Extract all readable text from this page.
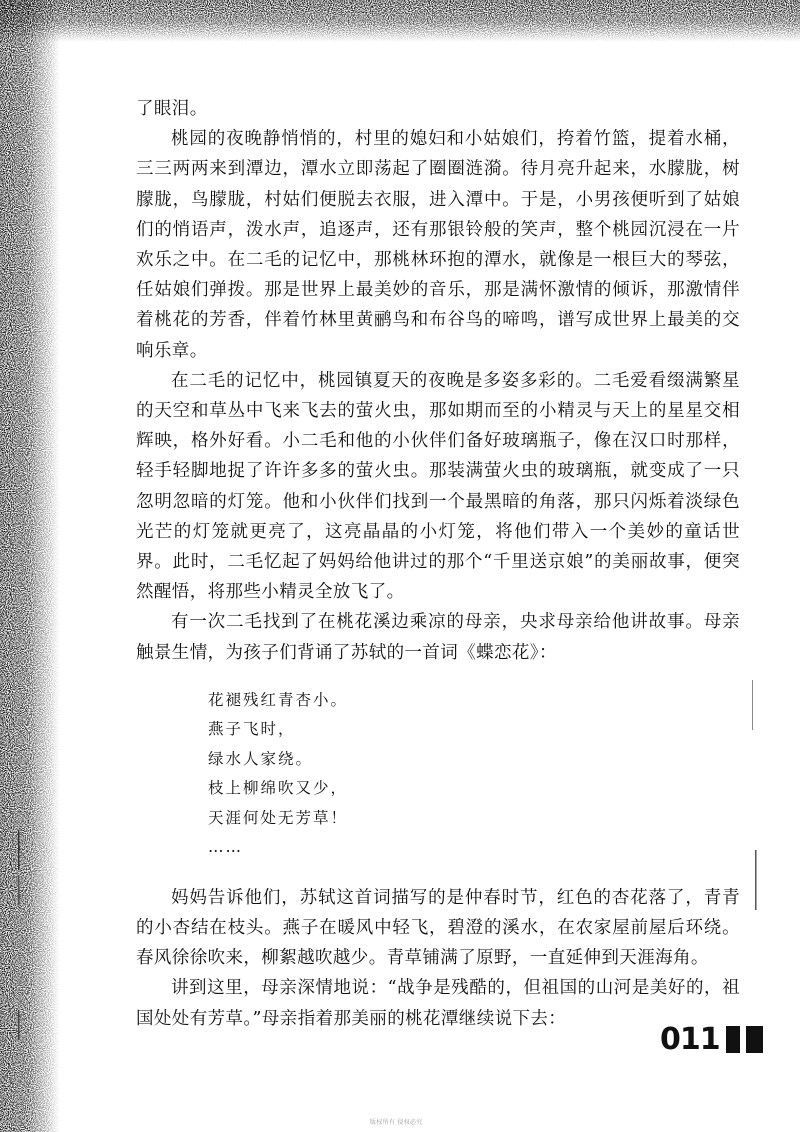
了眼泪。

桃园的夜晚静悄悄的，村里的媳妇和小姑娘们，挎着竹篮，提着水桶，三三两两来到潭边，潭水立即荡起了圈圈涟漪。待月亮升起来，水朦胧，树朦胧，鸟朦胧，村姑们便脱去衣服，进入潭中。于是，小男孩便听到了姑娘们的悄语声，泼水声，追逐声，还有那银铃般的笑声，整个桃园沉浸在一片欢乐之中。在二毛的记忆中，那桃林环抱的潭水，就像是一根巨大的琴弦，任姑娘们弹拨。那是世界上最美妙的音乐，那是满怀激情的倾诉，那激情伴着桃花的芳香，伴着竹林里黄鹂鸟和布谷鸟的啼鸣，谱写成世界上最美的交响乐章。

在二毛的记忆中，桃园镇夏天的夜晚是多姿多彩的。二毛爱看缀满繁星的天空和草丛中飞来飞去的萤火虫，那如期而至的小精灵与天上的星星交相辉映，格外好看。小二毛和他的小伙伴们备好玻璃瓶子，像在汉口时那样，轻手轻脚地捉了许许多多的萤火虫。那装满萤火虫的玻璃瓶，就变成了一只忽明忽暗的灯笼。他和小伙伴们找到一个最黑暗的角落，那只闪烁着淡绿色光芒的灯笼就更亮了，这亮晶晶的小灯笼，将他们带入一个美妙的童话世界。此时，二毛忆起了妈妈给他讲过的那个“千里送京娘”的美丽故事，便突然醒悟，将那些小精灵全放飞了。

有一次二毛找到了在桃花溪边乘凉的母亲，央求母亲给他讲故事。母亲触景生情，为孩子们背诵了苏轼的一首词《蝶恋花》：

花褪残红青杏小。
燕子飞时，
绿水人家绕。
枝上柳绵吹又少，
天涯何处无芳草！
……

妈妈告诉他们，苏轼这首词描写的是仲春时节，红色的杏花落了，青青的小杏结在枝头。燕子在暖风中轻飞，碧澄的溪水，在农家屋前屋后环绕。春风徐徐吹来，柳絮越吹越少。青草铺满了原野，一直延伸到天涯海角。

讲到这里，母亲深情地说：“战争是残酷的，但祖国的山河是美好的，祖国处处有芳草。”母亲指着那美丽的桃花潭继续说下去：

011
版权所有 侵权必究
